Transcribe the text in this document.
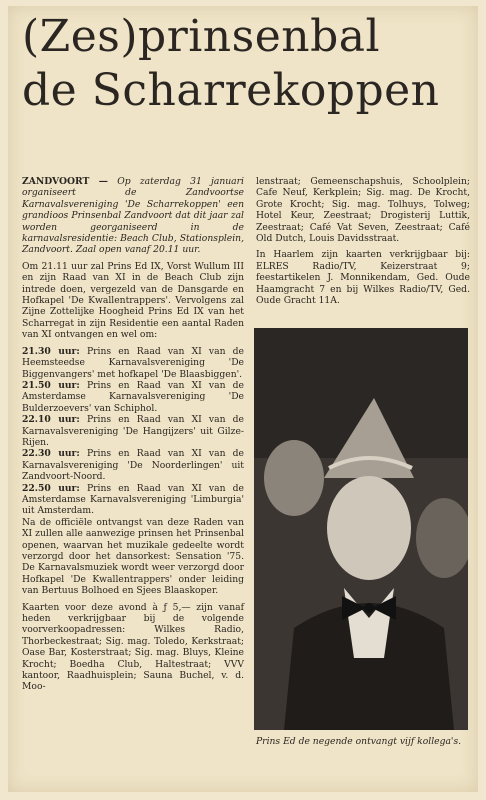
(Zes)prinsenbal
de Scharrekoppen

ZANDVOORT — Op zaterdag 31 januari organiseert de Zandvoortse Karnavalsvereniging 'De Scharrekoppen' een grandioos Prinsenbal Zandvoort dat dit jaar zal worden georganiseerd in de karnavalsresidentie: Beach Club, Stationsplein, Zandvoort. Zaal open vanaf 20.11 uur.

Om 21.11 uur zal Prins Ed IX, Vorst Wullum III en zijn Raad van XI in de Beach Club zijn intrede doen, vergezeld van de Dansgarde en Hofkapel 'De Kwallentrappers'. Vervolgens zal Zijne Zottelijke Hoogheid Prins Ed IX van het Scharregat in zijn Residentie een aantal Raden van XI ontvangen en wel om:

21.30 uur: Prins en Raad van XI van de Heemsteedse Karnavalsvereniging 'De Biggenvangers' met hofkapel 'De Blaasbiggen'.
21.50 uur: Prins en Raad van XI van de Amsterdamse Karnavalsvereniging 'De Bulderzoevers' van Schiphol.
22.10 uur: Prins en Raad van XI van de Karnavalsvereniging 'De Hangijzers' uit Gilze-Rijen.
22.30 uur: Prins en Raad van XI van de Karnavalsvereniging 'De Noorderlingen' uit Zandvoort-Noord.
22.50 uur: Prins en Raad van XI van de Amsterdamse Karnavalsvereniging 'Limburgia' uit Amsterdam.

Na de officiële ontvangst van deze Raden van XI zullen alle aanwezige prinsen het Prinsenbal openen, waarvan het muzikale gedeelte wordt verzorgd door het dansorkest: Sensation '75. De Karnavalsmuziek wordt weer verzorgd door Hofkapel 'De Kwallentrappers' onder leiding van Bertuus Bolhoed en Sjees Blaaskoper.

Kaarten voor deze avond à ƒ 5,— zijn vanaf heden verkrijgbaar bij de volgende voorverkoopadressen: Wilkes Radio, Thorbeckestraat; Sig. mag. Toledo, Kerkstraat; Oase Bar, Kosterstraat; Sig. mag. Bluys, Kleine Krocht; Boedha Club, Haltestraat; VVV kantoor, Raadhuisplein; Sauna Buchel, v. d. Moo-

lenstraat; Gemeenschapshuis, Schoolplein; Cafe Neuf, Kerkplein; Sig. mag. De Krocht, Grote Krocht; Sig. mag. Tolhuys, Tolweg; Hotel Keur, Zeestraat; Drogisterij Luttik, Zeestraat; Café Vat Seven, Zeestraat; Café Old Dutch, Louis Davidsstraat.

In Haarlem zijn kaarten verkrijgbaar bij: ELRES Radio/TV, Keizerstraat 9; feestartikelen J. Monnikendam, Ged. Oude Haamgracht 7 en bij Wilkes Radio/TV, Ged. Oude Gracht 11A.

Prins Ed de negende ontvangt vijf kollega's.
